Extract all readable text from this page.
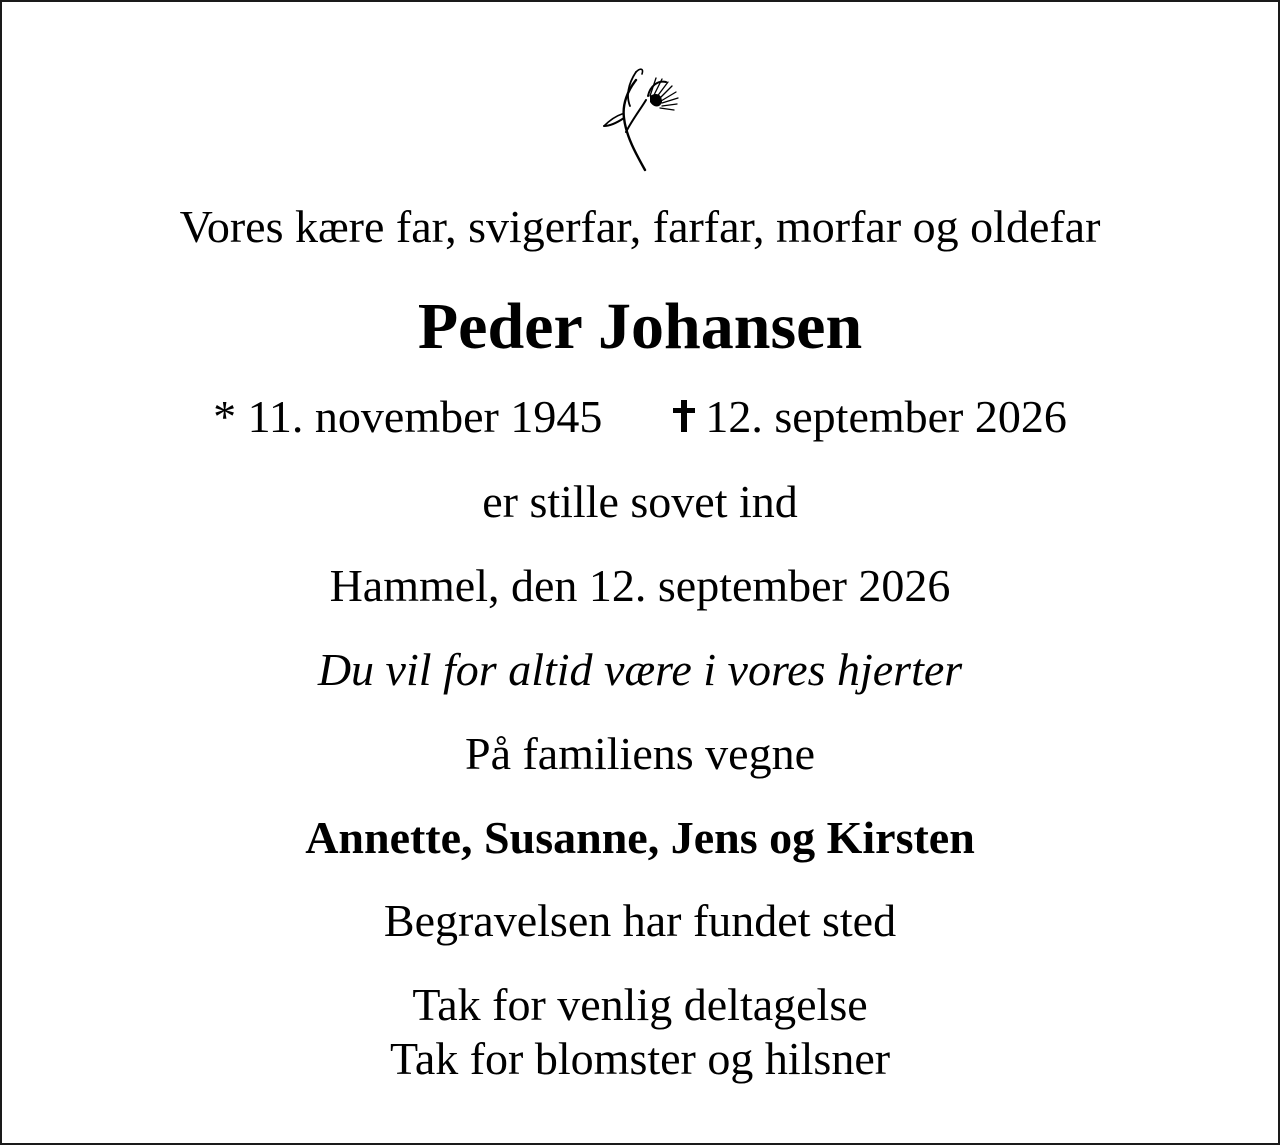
Vores kære far, svigerfar, farfar, morfar og oldefar
Peder Johansen
* 11. november 1945 12. september 2026
er stille sovet ind
Hammel, den 12. september 2026
Du vil for altid være i vores hjerter
På familiens vegne
Annette, Susanne, Jens og Kirsten
Begravelsen har fundet sted
Tak for venlig deltagelse
Tak for blomster og hilsner
